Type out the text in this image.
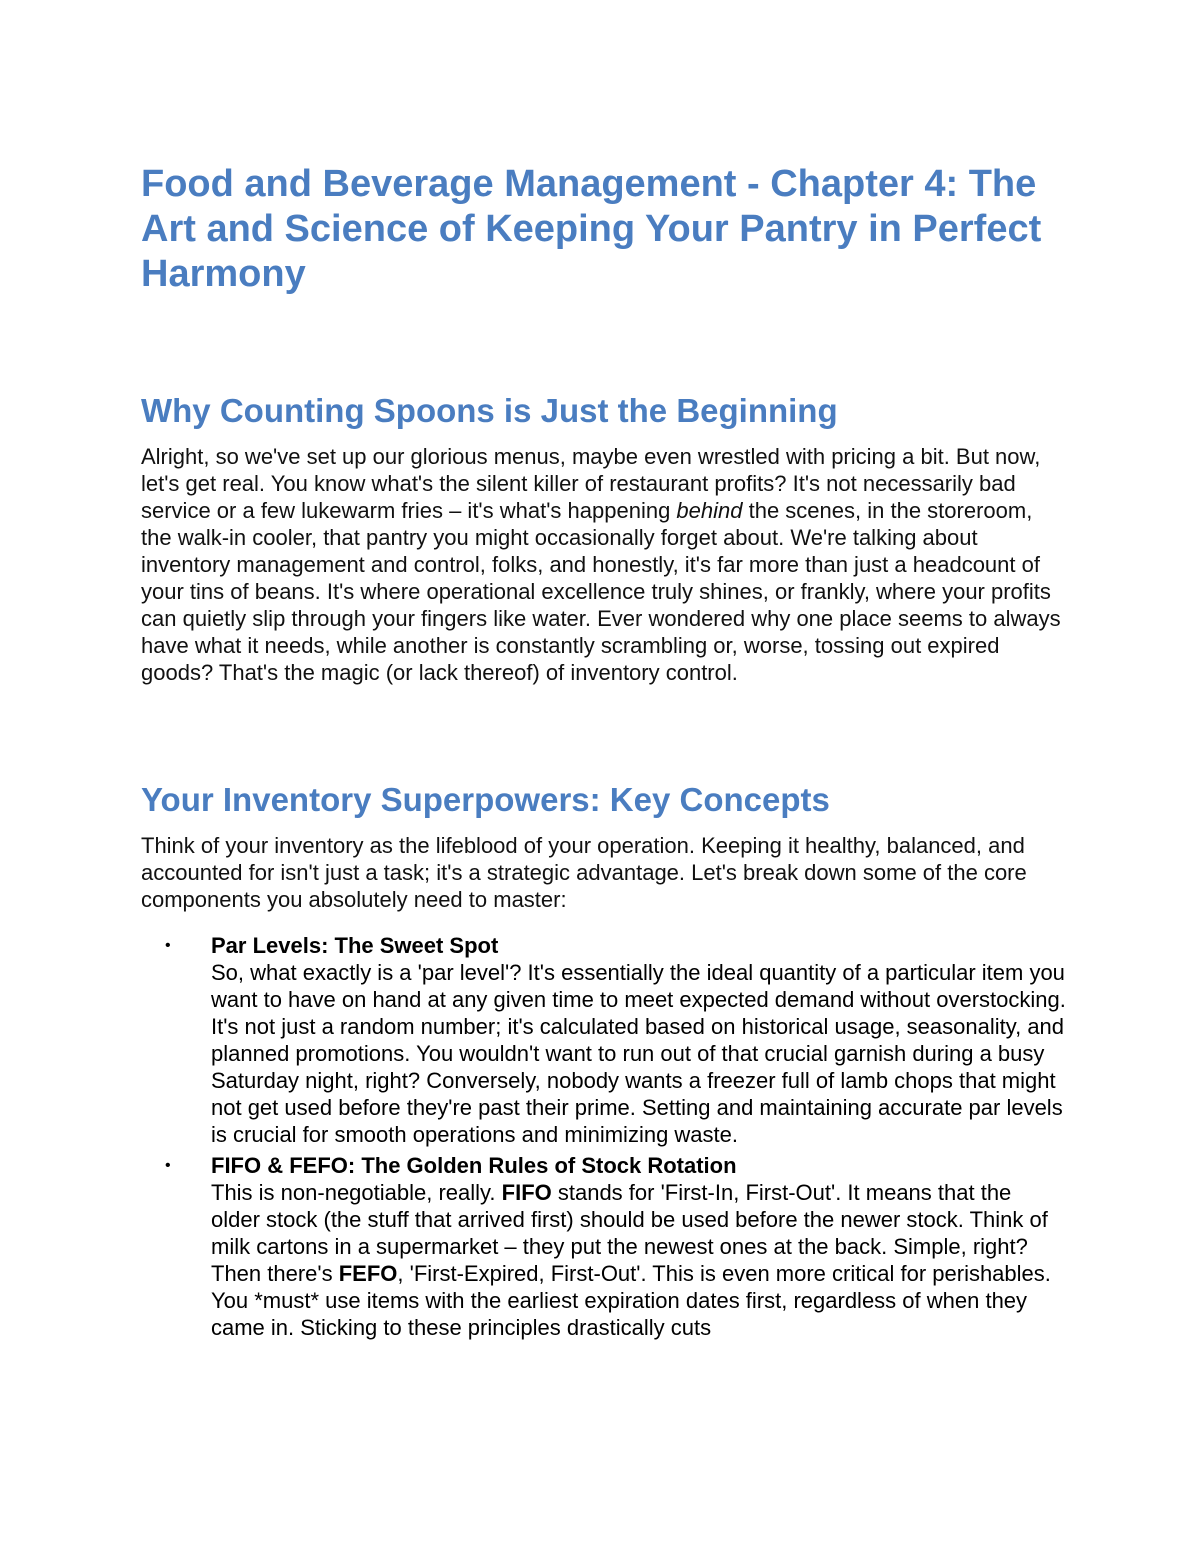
Food and Beverage Management - Chapter 4: The Art and Science of Keeping Your Pantry in Perfect Harmony
Why Counting Spoons is Just the Beginning

Alright, so we've set up our glorious menus, maybe even wrestled with pricing a bit. But now, let's get real. You know what's the silent killer of restaurant profits? It's not necessarily bad service or a few lukewarm fries – it's what's happening behind the scenes, in the storeroom, the walk-in cooler, that pantry you might occasionally forget about. We're talking about inventory management and control, folks, and honestly, it's far more than just a headcount of your tins of beans. It's where operational excellence truly shines, or frankly, where your profits can quietly slip through your fingers like water. Ever wondered why one place seems to always have what it needs, while another is constantly scrambling or, worse, tossing out expired goods? That's the magic (or lack thereof) of inventory control.

Your Inventory Superpowers: Key Concepts

Think of your inventory as the lifeblood of your operation. Keeping it healthy, balanced, and accounted for isn't just a task; it's a strategic advantage. Let's break down some of the core components you absolutely need to master:

• Par Levels: The Sweet Spot
So, what exactly is a 'par level'? It's essentially the ideal quantity of a particular item you want to have on hand at any given time to meet expected demand without overstocking. It's not just a random number; it's calculated based on historical usage, seasonality, and planned promotions. You wouldn't want to run out of that crucial garnish during a busy Saturday night, right? Conversely, nobody wants a freezer full of lamb chops that might not get used before they're past their prime. Setting and maintaining accurate par levels is crucial for smooth operations and minimizing waste.
• FIFO & FEFO: The Golden Rules of Stock Rotation
This is non-negotiable, really. FIFO stands for 'First-In, First-Out'. It means that the older stock (the stuff that arrived first) should be used before the newer stock. Think of milk cartons in a supermarket – they put the newest ones at the back. Simple, right? Then there's FEFO, 'First-Expired, First-Out'. This is even more critical for perishables. You *must* use items with the earliest expiration dates first, regardless of when they came in. Sticking to these principles drastically cuts
